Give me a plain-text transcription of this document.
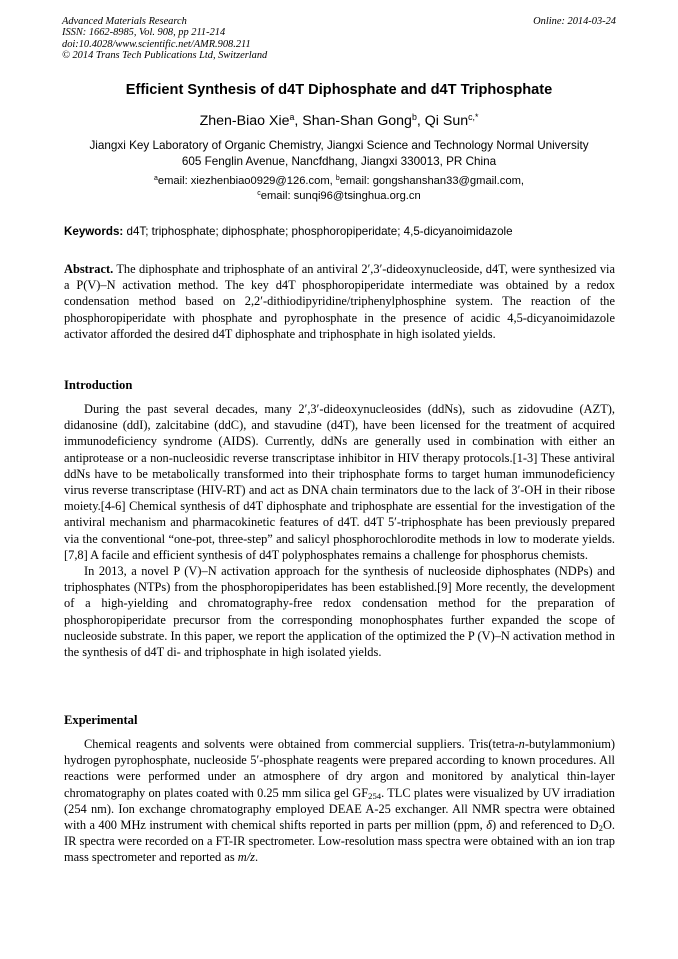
Advanced Materials Research
ISSN: 1662-8985, Vol. 908, pp 211-214
doi:10.4028/www.scientific.net/AMR.908.211
© 2014 Trans Tech Publications Ltd, Switzerland
Online: 2014-03-24
Efficient Synthesis of d4T Diphosphate and d4T Triphosphate
Zhen-Biao Xie$^a$, Shan-Shan Gong$^b$, Qi Sun$^{c,*}$
Jiangxi Key Laboratory of Organic Chemistry, Jiangxi Science and Technology Normal University
605 Fenglin Avenue, Nancfdhang, Jiangxi 330013, PR China
$^a$email: xiezhenbiao0929@126.com, $^b$email: gongshanshan33@gmail.com,
$^c$email: sunqi96@tsinghua.org.cn
Keywords: d4T; triphosphate; diphosphate; phosphoropiperidate; 4,5-dicyanoimidazole
Abstract. The diphosphate and triphosphate of an antiviral 2′,3′-dideoxynucleoside, d4T, were synthesized via a P(V)–N activation method. The key d4T phosphoropiperidate intermediate was obtained by a redox condensation method based on 2,2′-dithiodipyridine/triphenylphosphine system. The reaction of the phosphoropiperidate with phosphate and pyrophosphate in the presence of acidic 4,5-dicyanoimidazole activator afforded the desired d4T diphosphate and triphosphate in high isolated yields.
Introduction

During the past several decades, many 2′,3′-dideoxynucleosides (ddNs), such as zidovudine (AZT), didanosine (ddI), zalcitabine (ddC), and stavudine (d4T), have been licensed for the treatment of acquired immunodeficiency syndrome (AIDS). Currently, ddNs are generally used in combination with either an antiprotease or a non-nucleosidic reverse transcriptase inhibitor in HIV therapy protocols.[1-3] These antiviral ddNs have to be metabolically transformed into their triphosphate forms to target human immunodeficiency virus reverse transcriptase (HIV-RT) and act as DNA chain terminators due to the lack of 3′-OH in their ribose moiety.[4-6] Chemical synthesis of d4T diphosphate and triphosphate are essential for the investigation of the antiviral mechanism and pharmacokinetic features of d4T. d4T 5′-triphosphate has been previously prepared via the conventional “one-pot, three-step” and salicyl phosphorochlorodite methods in low to moderate yields.[7,8] A facile and efficient synthesis of d4T polyphosphates remains a challenge for phosphorus chemists.

In 2013, a novel P (V)–N activation approach for the synthesis of nucleoside diphosphates (NDPs) and triphosphates (NTPs) from the phosphoropiperidates has been established.[9] More recently, the development of a high-yielding and chromatography-free redox condensation method for the preparation of phosphoropiperidate precursor from the corresponding monophosphates further expanded the scope of nucleoside substrate. In this paper, we report the application of the optimized the P (V)–N activation method in the synthesis of d4T di- and triphosphate in high isolated yields.

Experimental

Chemical reagents and solvents were obtained from commercial suppliers. Tris(tetra-n-butylammonium) hydrogen pyrophosphate, nucleoside 5′-phosphate reagents were prepared according to known procedures. All reactions were performed under an atmosphere of dry argon and monitored by analytical thin-layer chromatography on plates coated with 0.25 mm silica gel $GF_{254}$. TLC plates were visualized by UV irradiation (254 nm). Ion exchange chromatography employed DEAE A-25 exchanger. All NMR spectra were obtained with a 400 MHz instrument with chemical shifts reported in parts per million (ppm, δ) and referenced to $D_2O$. IR spectra were recorded on a FT-IR spectrometer. Low-resolution mass spectra were obtained with an ion trap mass spectrometer and reported as m/z.
